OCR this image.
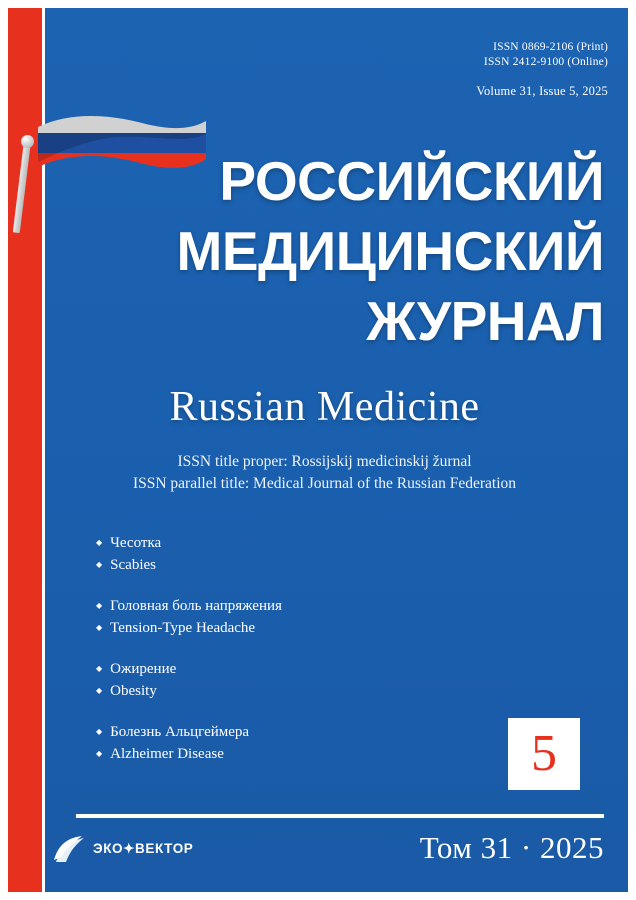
ISSN 0869-2106 (Print)
ISSN 2412-9100 (Online)
Volume 31, Issue 5, 2025
РОССИЙСКИЙ
МЕДИЦИНСКИЙ
ЖУРНАЛ
Russian Medicine
ISSN title proper: Rossijskij medicinskij žurnal
ISSN parallel title: Medical Journal of the Russian Federation
◆ Чесотка
◆ Scabies
◆ Головная боль напряжения
◆ Tension-Type Headache
◆ Ожирение
◆ Obesity
◆ Болезнь Альцгеймера
◆ Alzheimer Disease	5
ЭКО✦ВЕКТОР	Том 31 · 2025
